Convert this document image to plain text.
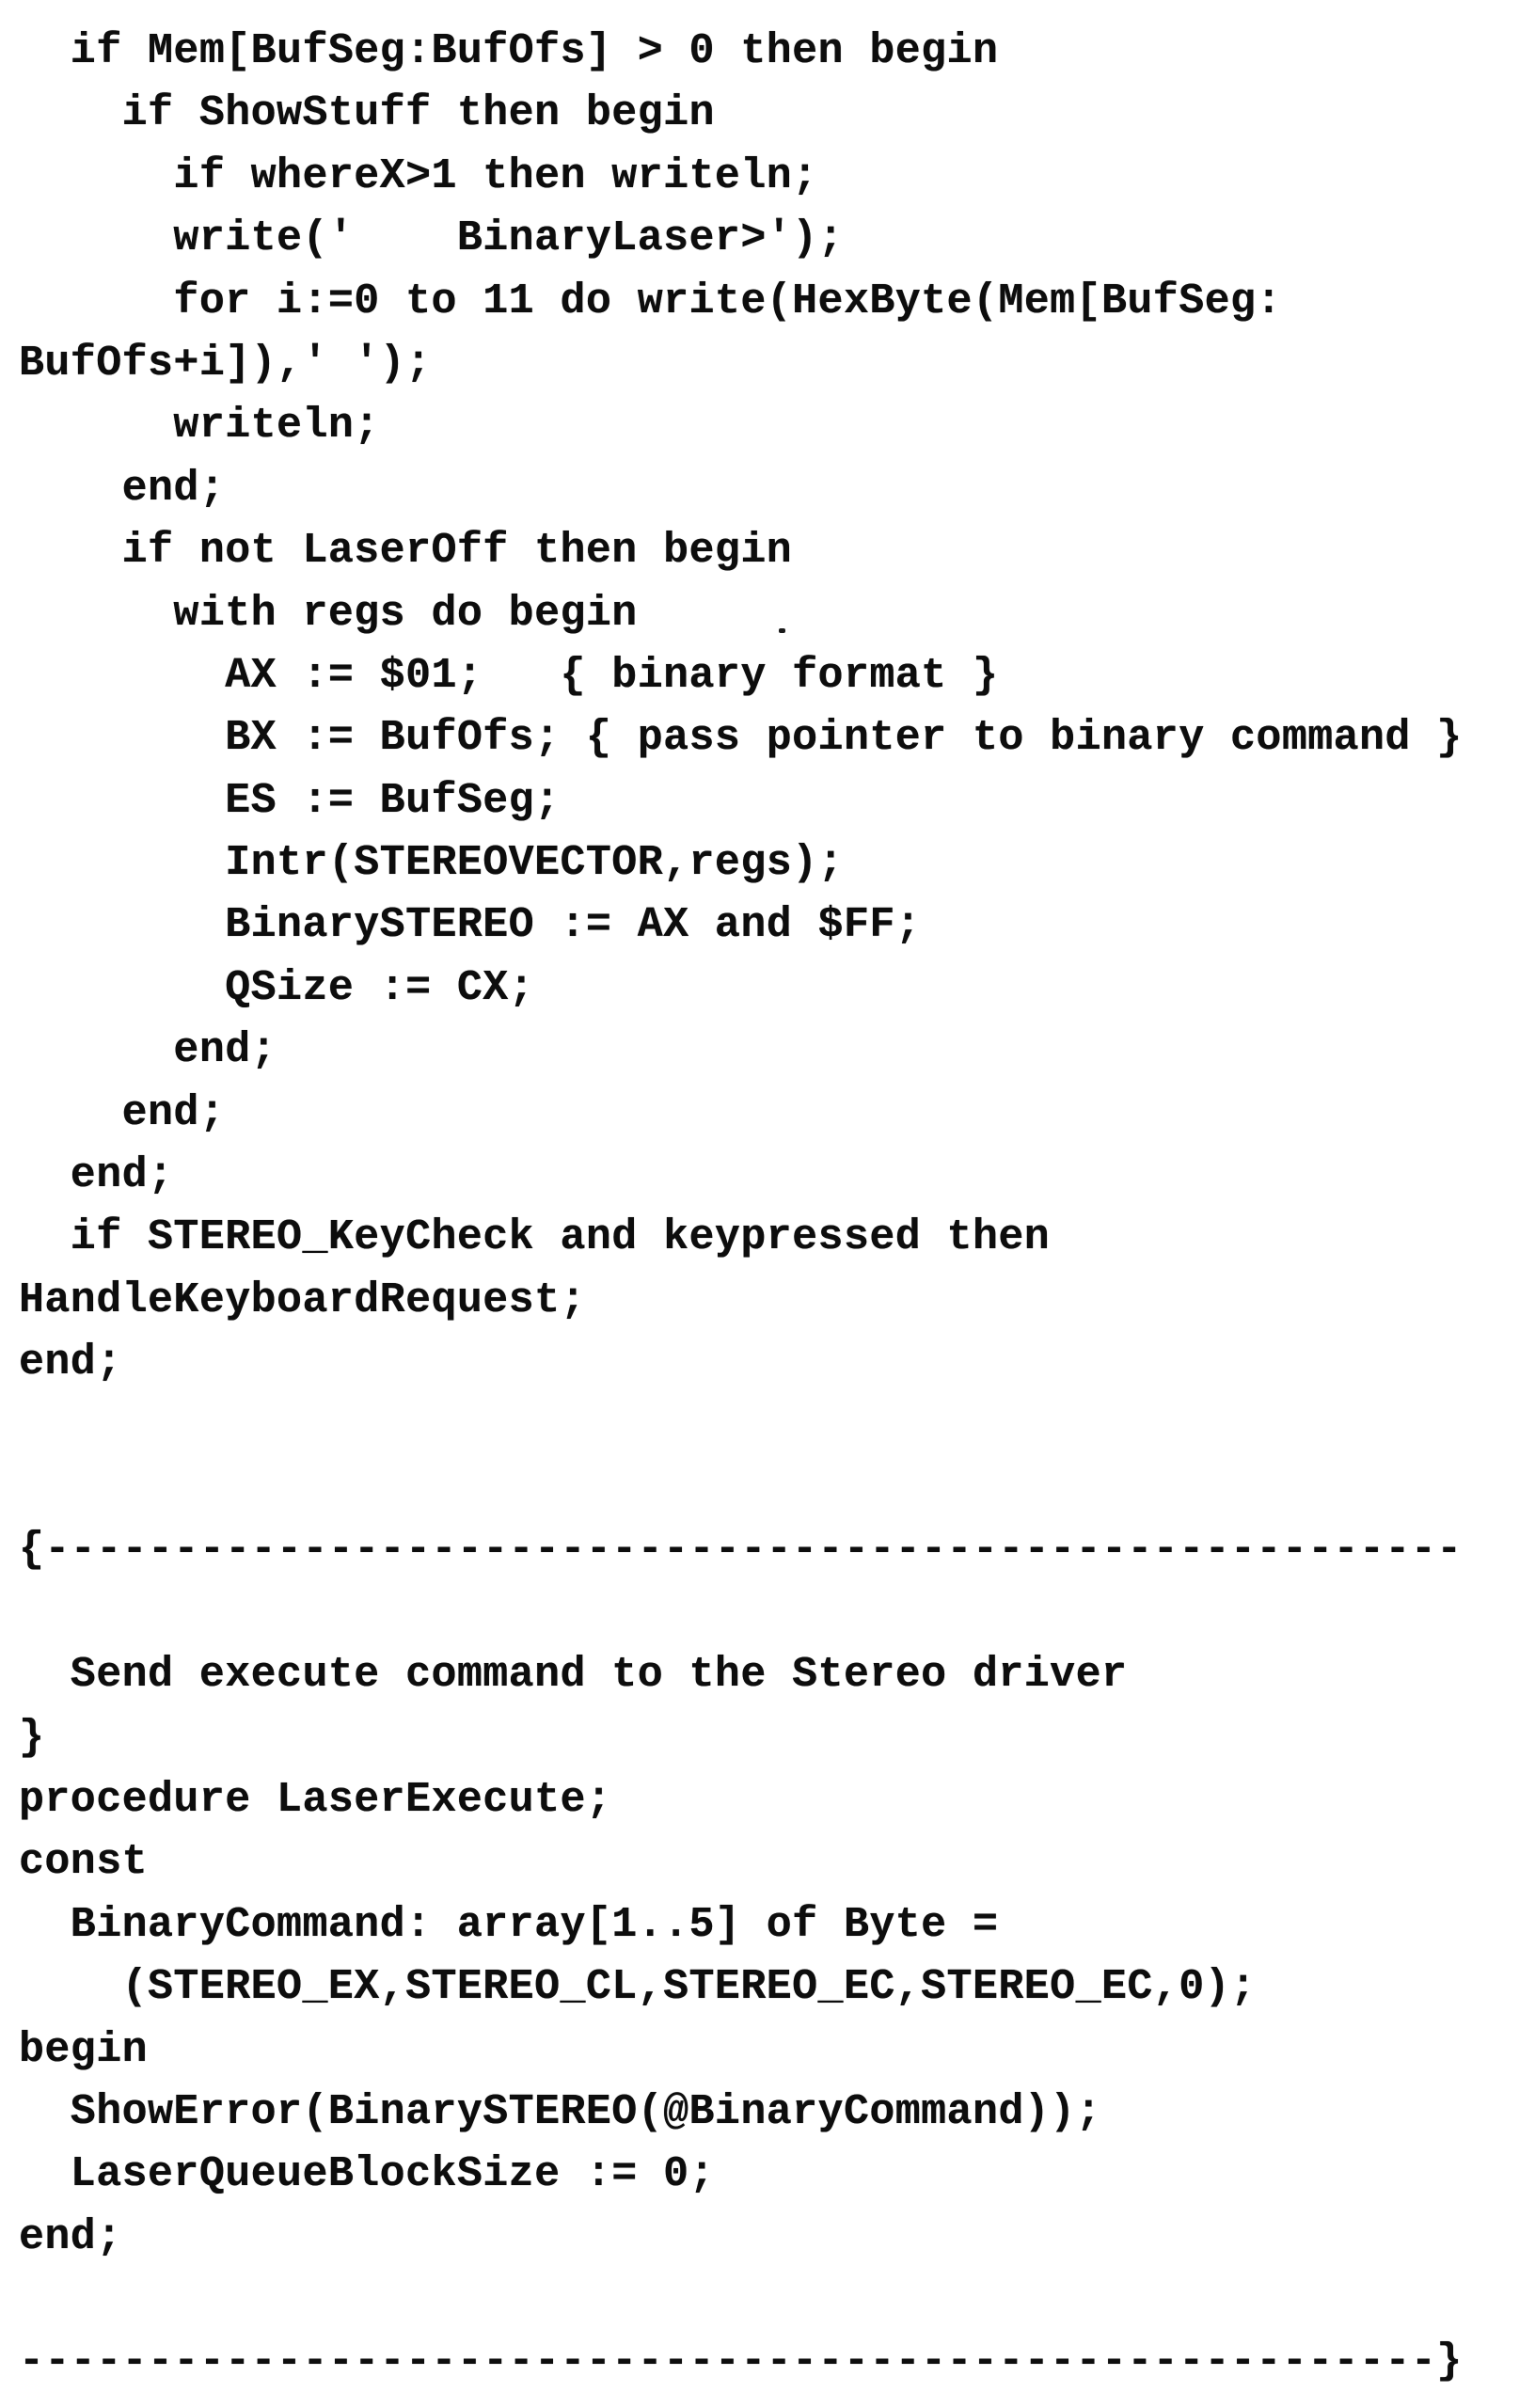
if Mem[BufSeg:BufOfs] > 0 then begin
if ShowStuff then begin
if whereX>1 then writeln;
write('    BinaryLaser>');
for i:=0 to 11 do write(HexByte(Mem[BufSeg:
BufOfs+i]),' ');
writeln;
end;
if not LaserOff then begin
with regs do begin
AX := $01;   { binary format }
BX := BufOfs; { pass pointer to binary command }
ES := BufSeg;
Intr(STEREOVECTOR,regs);
BinarySTEREO := AX and $FF;
QSize := CX;
end;
end;
end;
if STEREO_KeyCheck and keypressed then
HandleKeyboardRequest;
end;

{-------------------------------------------------------

Send execute command to the Stereo driver
}
procedure LaserExecute;
const
BinaryCommand: array[1..5] of Byte =
(STEREO_EX,STEREO_CL,STEREO_EC,STEREO_EC,0);
begin
ShowError(BinarySTEREO(@BinaryCommand));
LaserQueueBlockSize := 0;
end;

-------------------------------------------------------}
